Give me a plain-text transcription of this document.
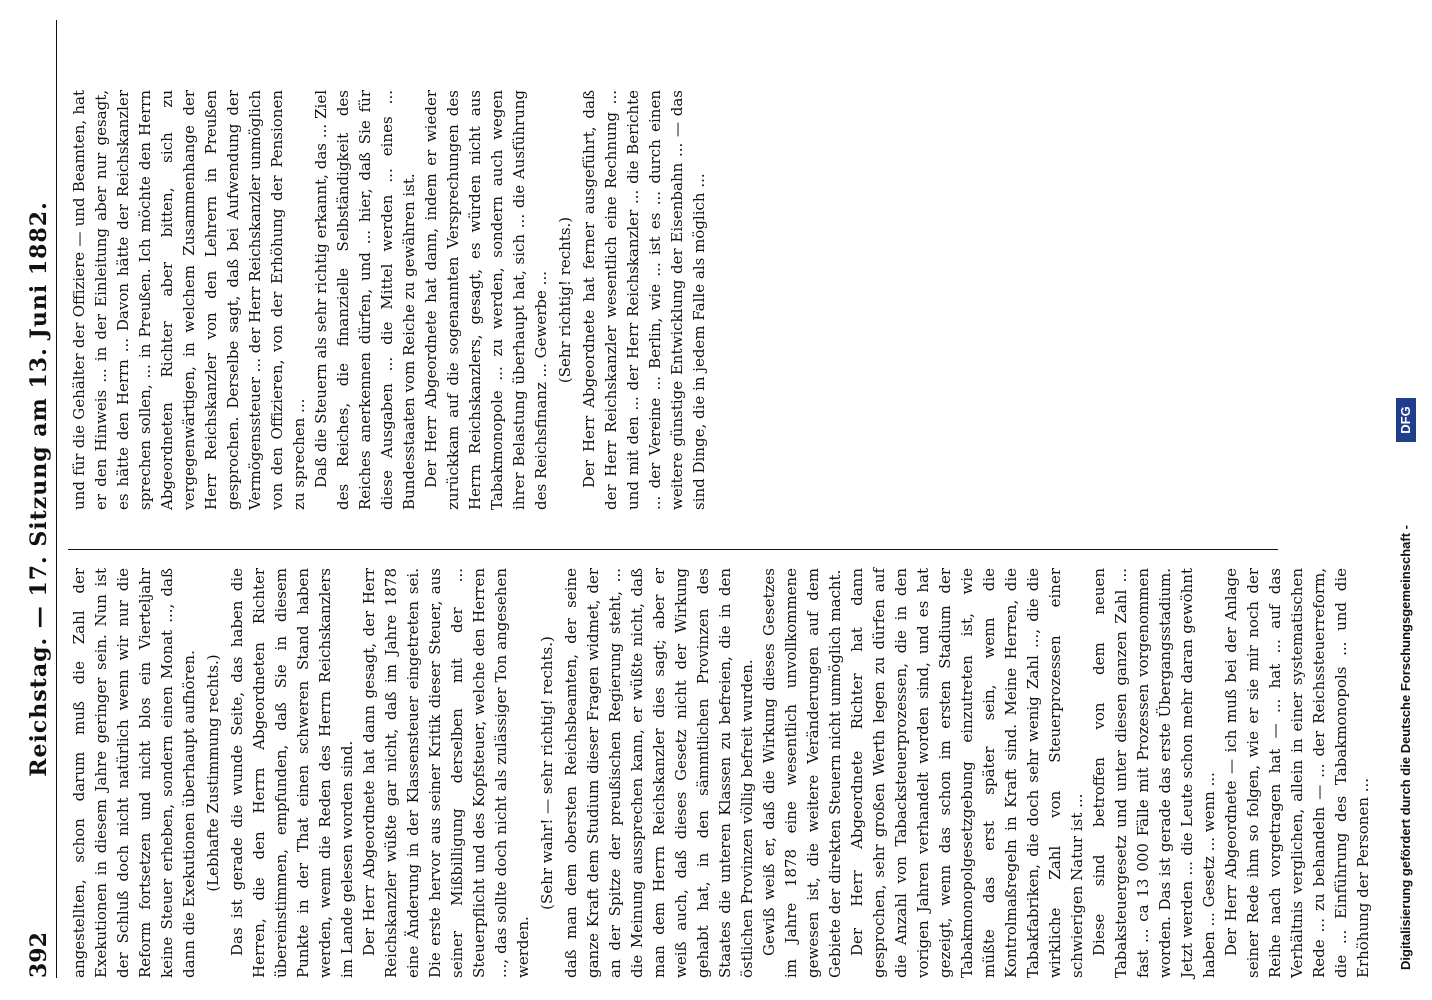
392
Reichstag. — 17. Sitzung am 13. Juni 1882. angestellten, schon darum muß die Zahl der Exekutionen in diesem Jahre geringer sein. Nun ist der Schluß doch nicht natürlich wenn wir nur die Reform fortsetzen und nicht blos ein Vierteljahr keine Steuer erheben, sondern einen Monat ..., daß dann die Exekutionen überhaupt aufhören. (Lebhafte Zustimmung rechts.) Das ist gerade die wunde Seite, das haben die Herren, die den Herrn Abgeordneten Richter übereinstimmen, empfunden, daß Sie in diesem Punkte in der That einen schweren Stand haben werden, wenn die Reden des Herrn Reichskanzlers im Lande gelesen worden sind. Der Herr Abgeordnete hat dann gesagt, der Herr Reichskanzler wüßte gar nicht, daß im Jahre 1878 eine Änderung in der Klassensteuer eingetreten sei. Die erste hervor aus seiner Kritik dieser Steuer, aus seiner Mißbilligung derselben mit der ... Steuerpflicht und des Kopfsteuer, welche den Herren ..., das sollte doch nicht als zulässiger Ton angesehen werden.

(Sehr wahr! — sehr richtig! rechts.) daß man dem obersten Reichsbeamten, der seine ganze Kraft dem Studium dieser Fragen widmet, der an der Spitze der preußischen Regierung steht, ... die Meinung aussprechen kann, er wüßte nicht, daß man dem Herrn Reichskanzler dies sagt; aber er weiß auch, daß dieses Gesetz nicht der Wirkung gehabt hat, in den sämmtlichen Provinzen des Staates die unteren Klassen zu befreien, die in den östlichen Provinzen völlig befreit wurden. Gewiß weiß er, daß die Wirkung dieses Gesetzes im Jahre 1878 eine wesentlich unvollkommene gewesen ist, die weitere Veränderungen auf dem Gebiete der direkten Steuern nicht unmöglich macht. Der Herr Abgeordnete Richter hat dann gesprochen, sehr großen Werth legen zu dürfen auf die Anzahl von Tabacksteuerprozessen, die in den vorigen Jahren verhandelt worden sind, und es hat gezeigt, wenn das schon im ersten Stadium der Tabakmonopolgesetzgebung einzutreten ist, wie müßte das erst später sein, wenn die Kontrolmaßregeln in Kraft sind. Meine Herren, die Tabakfabriken, die doch sehr wenig Zahl ..., die die wirkliche Zahl von Steuerprozessen einer schwierigen Natur ist ... Diese sind betroffen von dem neuen Tabaksteuergesetz und unter diesen ganzen Zahl ... fast ... ca 13 000 Fälle mit Prozessen vorgenommen worden. Das ist gerade das erste Übergangsstadium. Jetzt werden ... die Leute schon mehr daran gewöhnt haben ... Gesetz ... wenn ... Der Herr Abgeordnete — ich muß bei der Anlage seiner Rede ihm so folgen, wie er sie mir noch der Reihe nach vorgetragen hat — ... hat ... auf das Verhältnis verglichen, allein in einer systematischen Rede ... zu behandeln — ... der Reichssteuerreform, die ... Einführung des Tabakmonopols ... und die Erhöhung der Personen ...

und für die Gehälter der Offiziere — und Beamten, hat er den Hinweis ... in der Einleitung aber nur gesagt, es hätte den Herrn ... Davon hätte der Reichskanzler sprechen sollen, ... in Preußen. Ich möchte den Herrn Abgeordneten Richter aber bitten, sich zu vergegenwärtigen, in welchem Zusammenhange der Herr Reichskanzler von den Lehrern in Preußen gesprochen. Derselbe sagt, daß bei Aufwendung der Vermögenssteuer ... der Herr Reichskanzler unmöglich von den Offizieren, von der Erhöhung der Pensionen zu sprechen ... Daß die Steuern als sehr richtig erkannt, das ... Ziel des Reiches, die finanzielle Selbständigkeit des Reiches anerkennen dürfen, und ... hier, daß Sie für diese Ausgaben ... die Mittel werden ... eines ... Bundesstaaten vom Reiche zu gewähren ist. Der Herr Abgeordnete hat dann, indem er wieder zurückkam auf die sogenannten Versprechungen des Herrn Reichskanzlers, gesagt, es würden nicht aus Tabakmonopole ... zu werden, sondern auch wegen ihrer Belastung überhaupt hat, sich ... die Ausführung des Reichsfinanz ... Gewerbe ... (Sehr richtig! rechts.) Der Herr Abgeordnete hat ferner ausgeführt, daß der Herr Reichskanzler wesentlich eine Rechnung ... und mit den ... der Herr Reichskanzler ... die Berichte ... der Vereine ... Berlin, wie ... ist es ... durch einen weitere günstige Entwicklung der Eisenbahn ... — das sind Dinge, die in jedem Falle als möglich ...

Digitalisierung gefördert durch die Deutsche Forschungsgemeinschaft -
DFG
